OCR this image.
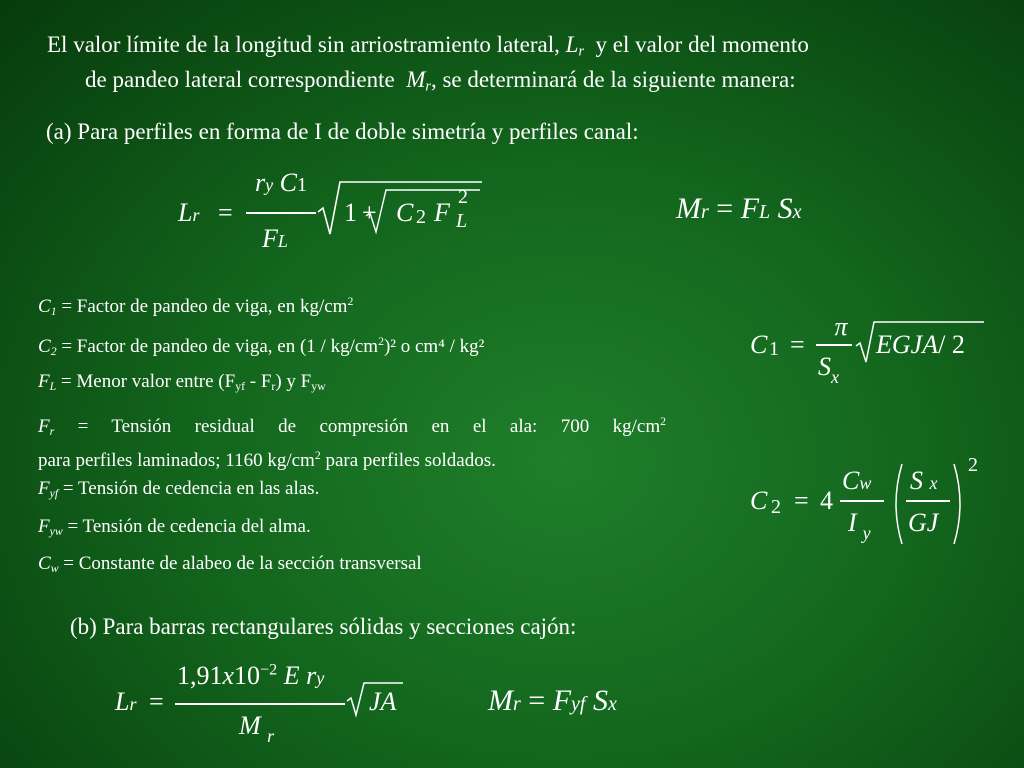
El valor límite de la longitud sin arriostramiento lateral, $L_r$ y el valor del momento
de pandeo lateral correspondiente $M_r$, se determinará de la siguiente manera:
(a) Para perfiles en forma de I de doble simetría y perfiles canal:
Lr =
ry C1
FL
1 + C 2 F
2
L	Mr = FL Sx
$C_1$ = Factor de pandeo de viga, en $kg/cm^2$
$C_2$ = Factor de pandeo de viga, en $(1 / kg/cm^2)^2$ o cm⁴ / kg²
$F_L$ = Menor valor entre $(F_{yf} - F_r)$ y $F_{yw}$
$F_r$ = Tensión residual de compresión en el ala: 700 $kg/cm^2$
para perfiles laminados; 1160 $kg/cm^2$ para perfiles soldados.
$F_{yf}$ = Tensión de cedencia en las alas.
$F_{yw}$ = Tensión de cedencia del alma.
$C_w$ = Constante de alabeo de la sección transversal
C 1 =
π
$S_x$
EGJA/ 2
C 2 = 4
Cw
I $_y$
S x
GJ
2
(b) Para barras rectangulares sólidas y secciones cajón:
Lr =
$1,91x10^{-2}$ E ry
M $_r$
JA	Mr = Fyf Sx
